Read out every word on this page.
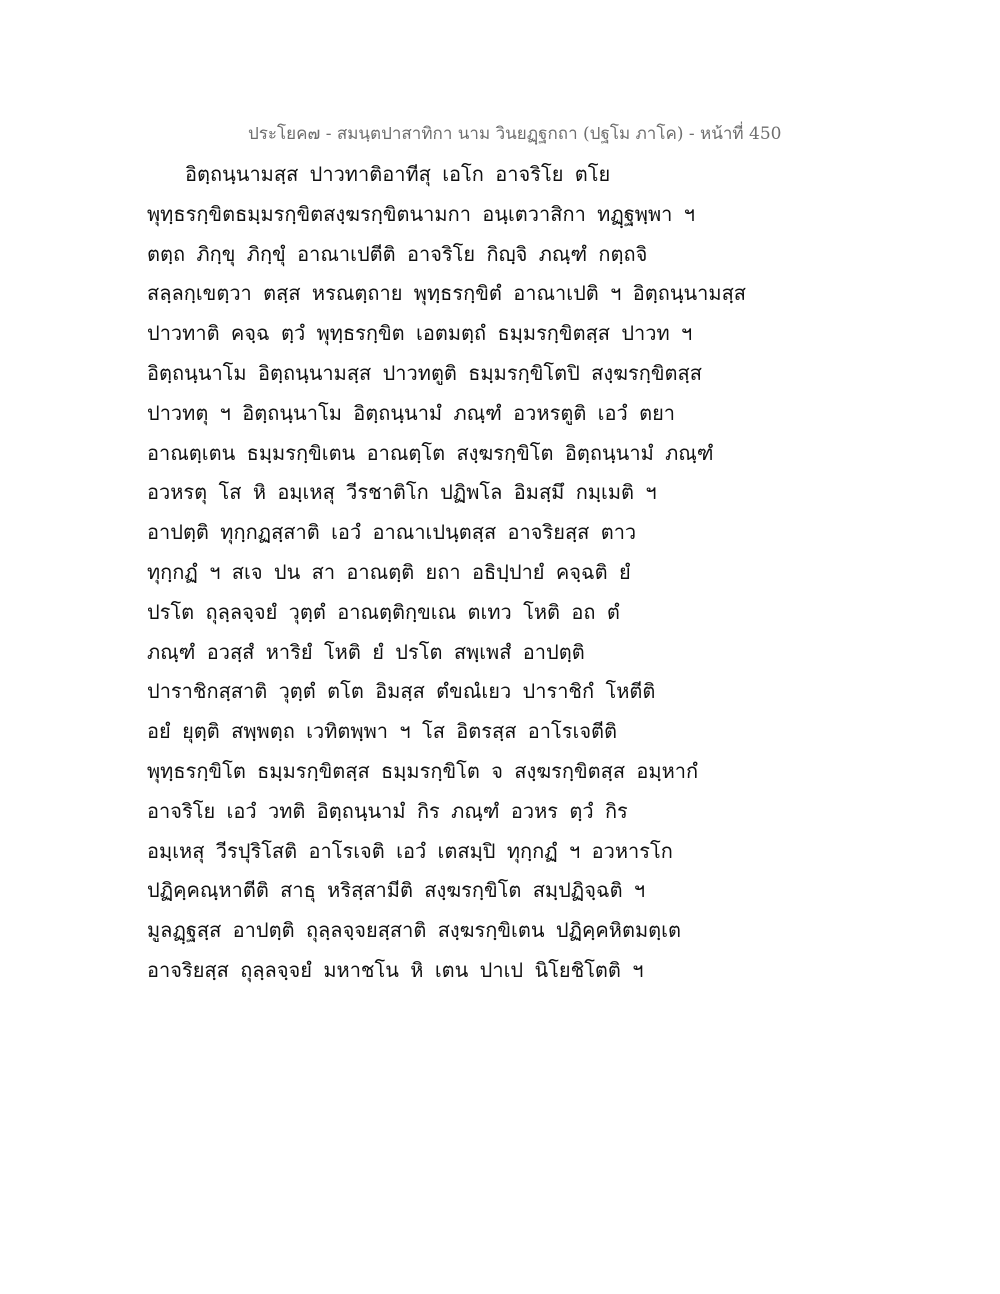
ประโยค๗ - สมนฺตปาสาทิกา นาม วินยฏฺฐกถา (ปฐโม ภาโค) - หน้าที่ 450
อิตฺถนฺนามสฺส ปาวทาติอาทีสุ เอโก อาจริโย ตโย
พุทฺธรกฺขิตธมฺมรกฺขิตสงฺฆรกฺขิตนามกา อนฺเตวาสิกา ทฏฺฐพฺพา ฯ
ตตฺถ ภิกฺขุ ภิกฺขุํ อาณาเปตีติ อาจริโย กิญฺจิ ภณฺฑํ กตฺถจิ
สลฺลกฺเขตฺวา ตสฺส หรณตฺถาย พุทฺธรกฺขิตํ อาณาเปติ ฯ อิตฺถนฺนามสฺส
ปาวทาติ คจฺฉ ตฺวํ พุทฺธรกฺขิต เอตมตฺถํ ธมฺมรกฺขิตสฺส ปาวท ฯ
อิตฺถนฺนาโม อิตฺถนฺนามสฺส ปาวทตูติ ธมฺมรกฺขิโตปิ สงฺฆรกฺขิตสฺส
ปาวทตุ ฯ อิตฺถนฺนาโม อิตฺถนฺนามํ ภณฺฑํ อวหรตูติ เอวํ ตยา
อาณตฺเตน ธมฺมรกฺขิเตน อาณตฺโต สงฺฆรกฺขิโต อิตฺถนฺนามํ ภณฺฑํ
อวหรตุ โส หิ อมฺเหสุ วีรชาติโก ปฏิพโล อิมสฺมึ กมฺเมติ ฯ
อาปตฺติ ทุกฺกฏสฺสาติ เอวํ อาณาเปนฺตสฺส อาจริยสฺส ตาว
ทุกฺกฏํ ฯ สเจ ปน สา อาณตฺติ ยถา อธิปฺปายํ คจฺฉติ ยํ
ปรโต ถุลฺลจฺจยํ วุตฺตํ อาณตฺติกฺขเณ ตเทว โหติ อถ ตํ
ภณฺฑํ อวสฺสํ หาริยํ โหติ ยํ ปรโต สพฺเพสํ อาปตฺติ
ปาราชิกสฺสาติ วุตฺตํ ตโต อิมสฺส ตํขณํเยว ปาราชิกํ โหตีติ
อยํ ยุตฺติ สพฺพตฺถ เวทิตพฺพา ฯ โส อิตรสฺส อาโรเจตีติ
พุทฺธรกฺขิโต ธมฺมรกฺขิตสฺส ธมฺมรกฺขิโต จ สงฺฆรกฺขิตสฺส อมฺหากํ
อาจริโย เอวํ วทติ อิตฺถนฺนามํ กิร ภณฺฑํ อวหร ตฺวํ กิร
อมฺเหสุ วีรปุริโสติ อาโรเจติ เอวํ เตสมฺปิ ทุกฺกฏํ ฯ อวหารโก
ปฏิคฺคณฺหาตีติ สาธุ หริสฺสามีติ สงฺฆรกฺขิโต สมฺปฏิจฺฉติ ฯ
มูลฏฺฐสฺส อาปตฺติ ถุลฺลจฺจยสฺสาติ สงฺฆรกฺขิเตน ปฏิคฺคหิตมตฺเต
อาจริยสฺส ถุลฺลจฺจยํ มหาชโน หิ เตน ปาเป นิโยชิโตติ ฯ
